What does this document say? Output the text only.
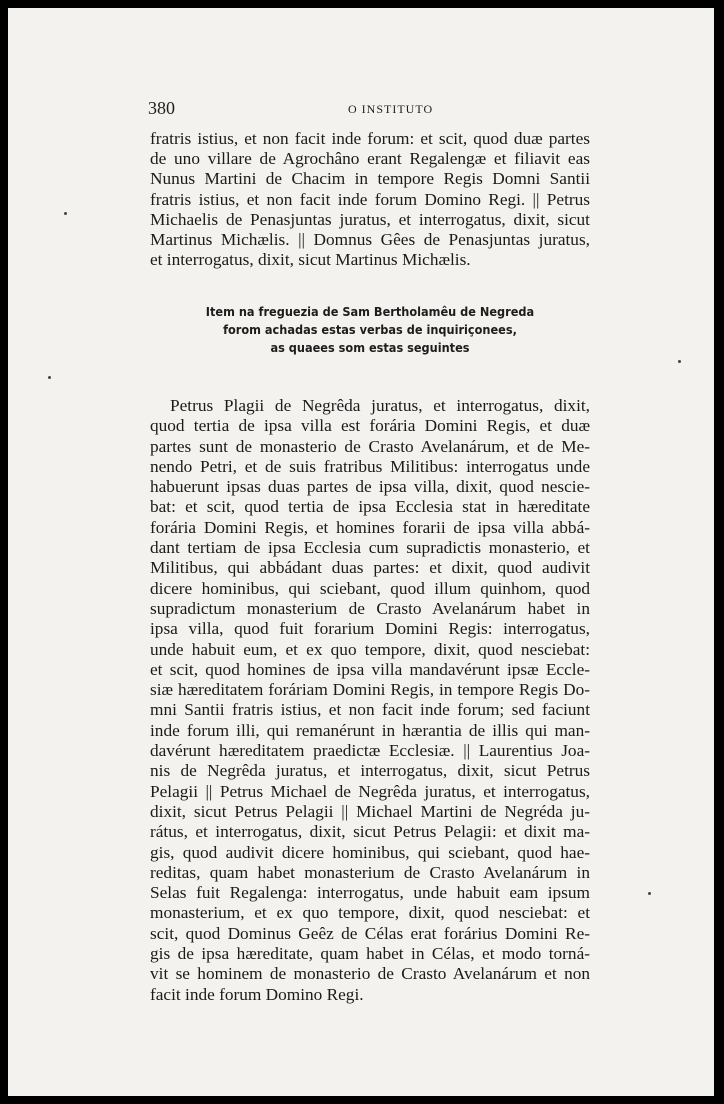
380	O INSTITUTO

fratris istius, et non facit inde forum: et scit, quod duæ partes
de uno villare de Agrochâno erant Regalengæ et filiavit eas
Nunus Martini de Chacim in tempore Regis Domni Santii
fratris istius, et non facit inde forum Domino Regi. || Petrus
Michaelis de Penasjuntas juratus, et interrogatus, dixit, sicut
Martinus Michælis. || Domnus Gêes de Penasjuntas juratus,
et interrogatus, dixit, sicut Martinus Michælis.

Item na freguezia de Sam Bertholamêu de Negreda
forom achadas estas verbas de inquiriçonees,
as quaees som estas seguintes

Petrus Plagii de Negrêda juratus, et interrogatus, dixit,
quod tertia de ipsa villa est forária Domini Regis, et duæ
partes sunt de monasterio de Crasto Avelanárum, et de Me-
nendo Petri, et de suis fratribus Militibus: interrogatus unde
habuerunt ipsas duas partes de ipsa villa, dixit, quod nescie-
bat: et scit, quod tertia de ipsa Ecclesia stat in hæreditate
forária Domini Regis, et homines forarii de ipsa villa abbá-
dant tertiam de ipsa Ecclesia cum supradictis monasterio, et
Militibus, qui abbádant duas partes: et dixit, quod audivit
dicere hominibus, qui sciebant, quod illum quinhom, quod
supradictum monasterium de Crasto Avelanárum habet in
ipsa villa, quod fuit forarium Domini Regis: interrogatus,
unde habuit eum, et ex quo tempore, dixit, quod nesciebat:
et scit, quod homines de ipsa villa mandavérunt ipsæ Eccle-
siæ hæreditatem foráriam Domini Regis, in tempore Regis Do-
mni Santii fratris istius, et non facit inde forum; sed faciunt
inde forum illi, qui remanérunt in hærantia de illis qui man-
davérunt hæreditatem praedictæ Ecclesiæ. || Laurentius Joa-
nis de Negrêda juratus, et interrogatus, dixit, sicut Petrus
Pelagii || Petrus Michael de Negrêda juratus, et interrogatus,
dixit, sicut Petrus Pelagii || Michael Martini de Negréda ju-
rátus, et interrogatus, dixit, sicut Petrus Pelagii: et dixit ma-
gis, quod audivit dicere hominibus, qui sciebant, quod hae-
reditas, quam habet monasterium de Crasto Avelanárum in
Selas fuit Regalenga: interrogatus, unde habuit eam ipsum
monasterium, et ex quo tempore, dixit, quod nesciebat: et
scit, quod Dominus Geêz de Célas erat forárius Domini Re-
gis de ipsa hæreditate, quam habet in Célas, et modo torná-
vit se hominem de monasterio de Crasto Avelanárum et non
facit inde forum Domino Regi.
